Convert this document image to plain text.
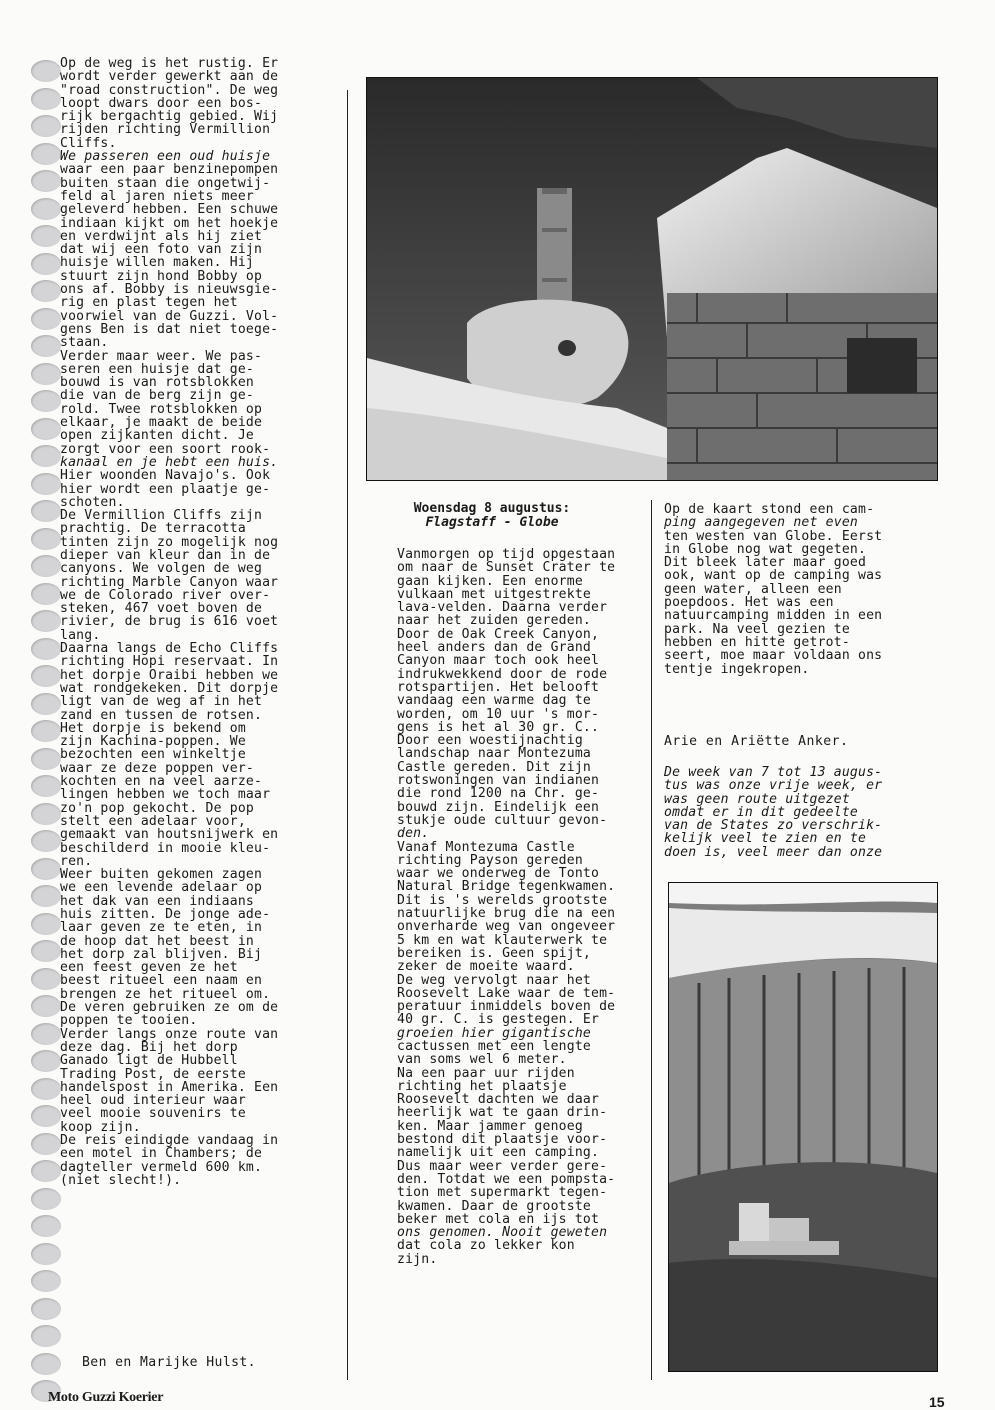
Op de weg is het rustig. Er
wordt verder gewerkt aan de
"road construction". De weg
loopt dwars door een bos-
rijk bergachtig gebied. Wij
rijden richting Vermillion
Cliffs.
We passeren een oud huisje
waar een paar benzinepompen
buiten staan die ongetwij-
feld al jaren niets meer
geleverd hebben. Een schuwe
indiaan kijkt om het hoekje
en verdwijnt als hij ziet
dat wij een foto van zijn
huisje willen maken. Hij
stuurt zijn hond Bobby op
ons af. Bobby is nieuwsgie-
rig en plast tegen het
voorwiel van de Guzzi. Vol-
gens Ben is dat niet toege-
staan.
Verder maar weer. We pas-
seren een huisje dat ge-
bouwd is van rotsblokken
die van de berg zijn ge-
rold. Twee rotsblokken op
elkaar, je maakt de beide
open zijkanten dicht. Je
zorgt voor een soort rook-
kanaal en je hebt een huis.
Hier woonden Navajo's. Ook
hier wordt een plaatje ge-
schoten.
De Vermillion Cliffs zijn
prachtig. De terracotta
tinten zijn zo mogelijk nog
dieper van kleur dan in de
canyons. We volgen de weg
richting Marble Canyon waar
we de Colorado river over-
steken, 467 voet boven de
rivier, de brug is 616 voet
lang.
Daarna langs de Echo Cliffs
richting Hopi reservaat. In
het dorpje Oraibi hebben we
wat rondgekeken. Dit dorpje
ligt van de weg af in het
zand en tussen de rotsen.
Het dorpje is bekend om
zijn Kachina-poppen. We
bezochten een winkeltje
waar ze deze poppen ver-
kochten en na veel aarze-
lingen hebben we toch maar
zo'n pop gekocht. De pop
stelt een adelaar voor,
gemaakt van houtsnijwerk en
beschilderd in mooie kleu-
ren.
Weer buiten gekomen zagen
we een levende adelaar op
het dak van een indiaans
huis zitten. De jonge ade-
laar geven ze te eten, in
de hoop dat het beest in
het dorp zal blijven. Bij
een feest geven ze het
beest ritueel een naam en
brengen ze het ritueel om.
De veren gebruiken ze om de
poppen te tooien.
Verder langs onze route van
deze dag. Bij het dorp
Ganado ligt de Hubbell
Trading Post, de eerste
handelspost in Amerika. Een
heel oud interieur waar
veel mooie souvenirs te
koop zijn.
De reis eindigde vandaag in
een motel in Chambers; de
dagteller vermeld 600 km.
(niet slecht!).
Ben en Marijke Hulst.
Woensdag 8 augustus:
Flagstaff - Globe
Vanmorgen op tijd opgestaan
om naar de Sunset Crater te
gaan kijken. Een enorme
vulkaan met uitgestrekte
lava-velden. Daarna verder
naar het zuiden gereden.
Door de Oak Creek Canyon,
heel anders dan de Grand
Canyon maar toch ook heel
indrukwekkend door de rode
rotspartijen. Het belooft
vandaag een warme dag te
worden, om 10 uur 's mor-
gens is het al 30 gr. C..
Door een woestijnachtig
landschap naar Montezuma
Castle gereden. Dit zijn
rotswoningen van indianen
die rond 1200 na Chr. ge-
bouwd zijn. Eindelijk een
stukje oude cultuur gevon-
den.
Vanaf Montezuma Castle
richting Payson gereden
waar we onderweg de Tonto
Natural Bridge tegenkwamen.
Dit is 's werelds grootste
natuurlijke brug die na een
onverharde weg van ongeveer
5 km en wat klauterwerk te
bereiken is. Geen spijt,
zeker de moeite waard.
De weg vervolgt naar het
Roosevelt Lake waar de tem-
peratuur inmiddels boven de
40 gr. C. is gestegen. Er
groeien hier gigantische
cactussen met een lengte
van soms wel 6 meter.
Na een paar uur rijden
richting het plaatsje
Roosevelt dachten we daar
heerlijk wat te gaan drin-
ken. Maar jammer genoeg
bestond dit plaatsje voor-
namelijk uit een camping.
Dus maar weer verder gere-
den. Totdat we een pompsta-
tion met supermarkt tegen-
kwamen. Daar de grootste
beker met cola en ijs tot
ons genomen. Nooit geweten
dat cola zo lekker kon
zijn.
Op de kaart stond een cam-
ping aangegeven net even
ten westen van Globe. Eerst
in Globe nog wat gegeten.
Dit bleek later maar goed
ook, want op de camping was
geen water, alleen een
poepdoos. Het was een
natuurcamping midden in een
park. Na veel gezien te
hebben en hitte getrot-
seert, moe maar voldaan ons
tentje ingekropen.
Arie en Ariëtte Anker.
De week van 7 tot 13 augus-
tus was onze vrije week, er
was geen route uitgezet
omdat er in dit gedeelte
van de States zo verschrik-
kelijk veel te zien en te
doen is, veel meer dan onze
Moto Guzzi Koerier	15
